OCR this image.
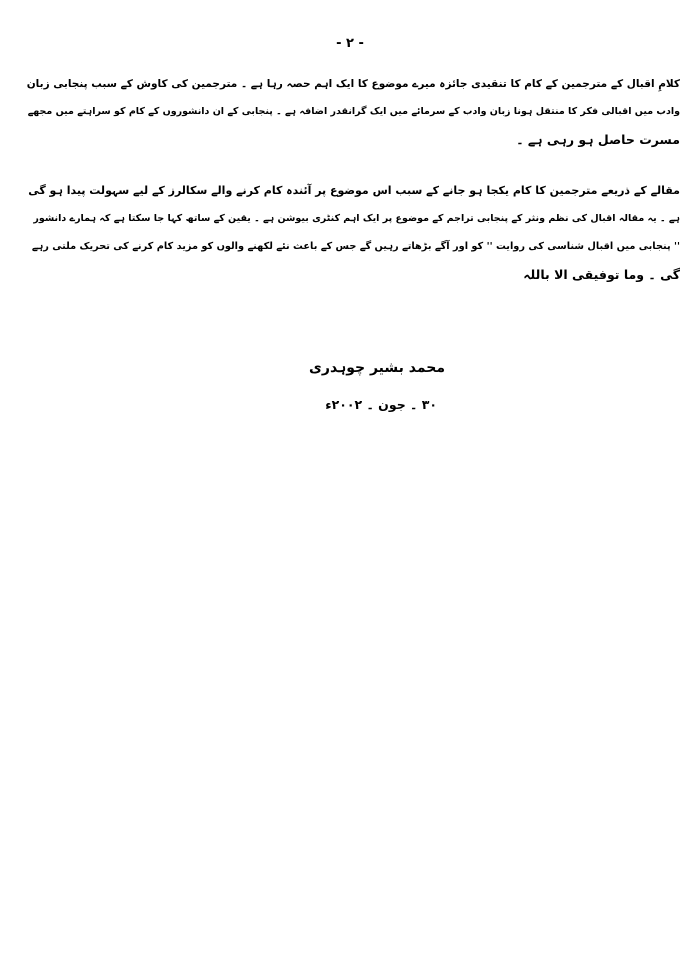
- ۲ -
کلامِ اقبال کے مترجمین کے کام کا تنقیدی جائزہ میرے موضوع کا ایک اہم حصہ رہا ہے ۔ مترجمین کی کاوش کے سبب پنجابی زبان
وادب میں اقبالی فکر کا منتقل ہونا زبان وادب کے سرمائے میں ایک گرانقدر اضافہ ہے ۔ پنجابی کے ان دانشوروں کے کام کو سراہتے میں مجھے
مسرت حاصل ہو رہی ہے ۔
مقالے کے ذریعے مترجمین کا کام یکجا ہو جانے کے سبب اس موضوع پر آئندہ کام کرنے والے سکالرز کے لیے سہولت پیدا ہو گی
ہے ۔ یہ مقالہ اقبال کی نظم ونثر کے پنجابی تراجم کے موضوع پر ایک اہم کنٹری بیوشن ہے ۔ یقین کے ساتھ کہا جا سکتا ہے کہ ہمارے دانشور
'' پنجابی میں اقبال شناسی کی روایت '' کو اور آگے بڑھاتے رہیں گے جس کے باعث نئے لکھنے والوں کو مزید کام کرنے کی تحریک ملتی رہے
گی ۔ وما توفیقی الا باللہ
محمد بشیر چوہدری
۳۰ ۔ جون ۔ ۲۰۰۲ء
